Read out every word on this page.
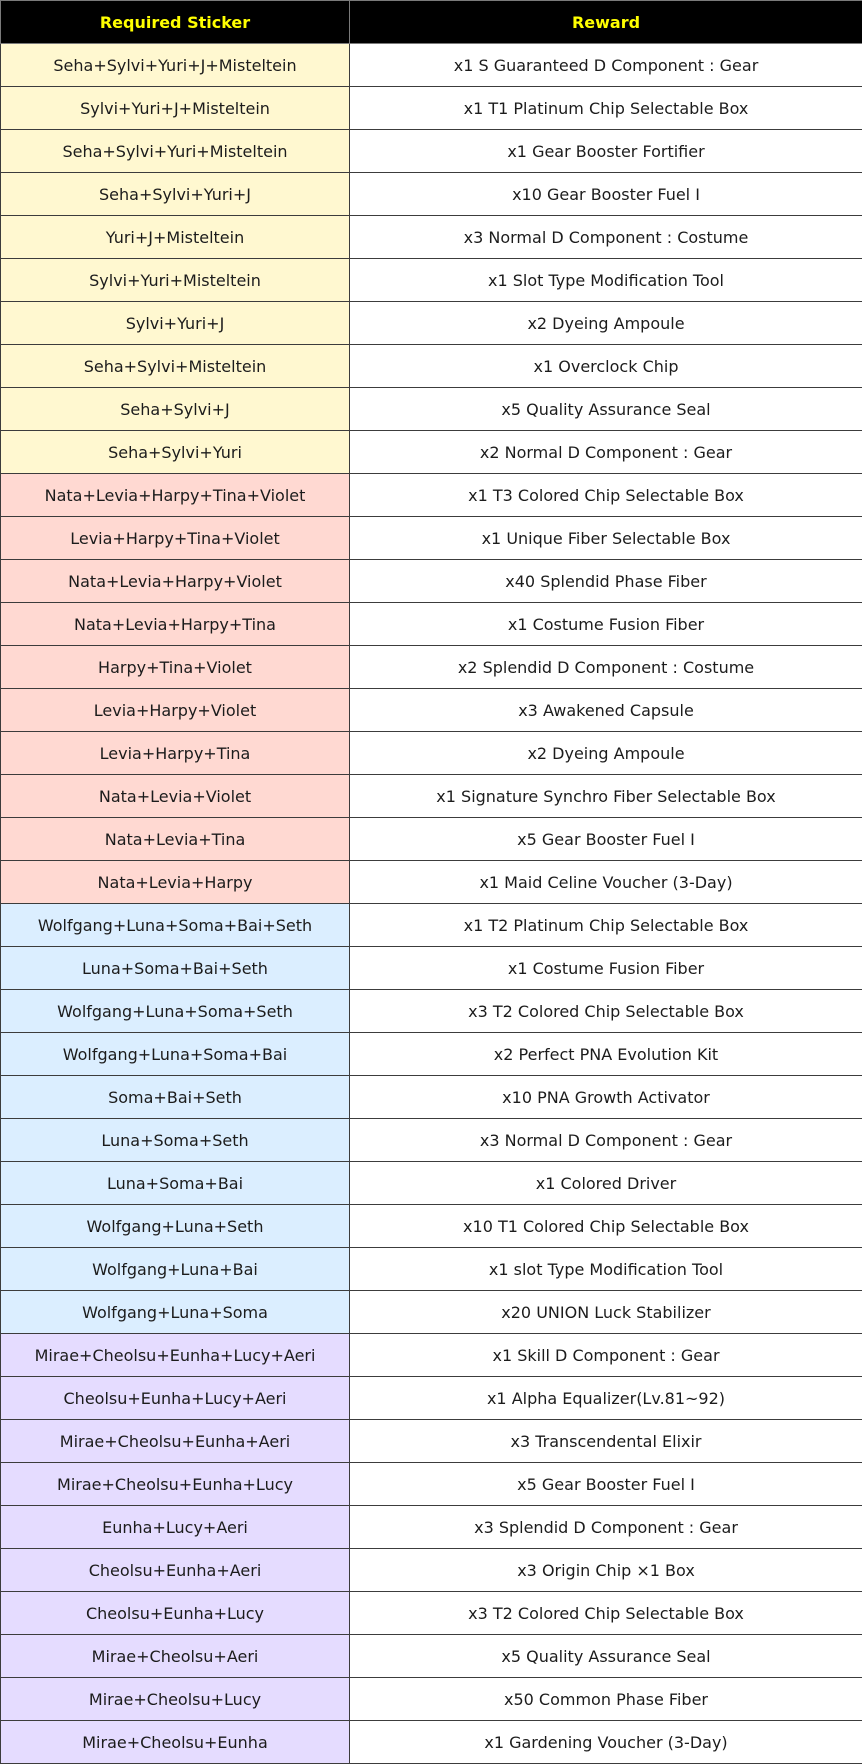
Required Sticker	Reward
Seha+Sylvi+Yuri+J+Misteltein	x1 S Guaranteed D Component : Gear
Sylvi+Yuri+J+Misteltein	x1 T1 Platinum Chip Selectable Box
Seha+Sylvi+Yuri+Misteltein	x1 Gear Booster Fortifier
Seha+Sylvi+Yuri+J	x10 Gear Booster Fuel I
Yuri+J+Misteltein	x3 Normal D Component : Costume
Sylvi+Yuri+Misteltein	x1 Slot Type Modification Tool
Sylvi+Yuri+J	x2 Dyeing Ampoule
Seha+Sylvi+Misteltein	x1 Overclock Chip
Seha+Sylvi+J	x5 Quality Assurance Seal
Seha+Sylvi+Yuri	x2 Normal D Component : Gear
Nata+Levia+Harpy+Tina+Violet	x1 T3 Colored Chip Selectable Box
Levia+Harpy+Tina+Violet	x1 Unique Fiber Selectable Box
Nata+Levia+Harpy+Violet	x40 Splendid Phase Fiber
Nata+Levia+Harpy+Tina	x1 Costume Fusion Fiber
Harpy+Tina+Violet	x2 Splendid D Component : Costume
Levia+Harpy+Violet	x3 Awakened Capsule
Levia+Harpy+Tina	x2 Dyeing Ampoule
Nata+Levia+Violet	x1 Signature Synchro Fiber Selectable Box
Nata+Levia+Tina	x5 Gear Booster Fuel I
Nata+Levia+Harpy	x1 Maid Celine Voucher (3-Day)
Wolfgang+Luna+Soma+Bai+Seth	x1 T2 Platinum Chip Selectable Box
Luna+Soma+Bai+Seth	x1 Costume Fusion Fiber
Wolfgang+Luna+Soma+Seth	x3 T2 Colored Chip Selectable Box
Wolfgang+Luna+Soma+Bai	x2 Perfect PNA Evolution Kit
Soma+Bai+Seth	x10 PNA Growth Activator
Luna+Soma+Seth	x3 Normal D Component : Gear
Luna+Soma+Bai	x1 Colored Driver
Wolfgang+Luna+Seth	x10 T1 Colored Chip Selectable Box
Wolfgang+Luna+Bai	x1 slot Type Modification Tool
Wolfgang+Luna+Soma	x20 UNION Luck Stabilizer
Mirae+Cheolsu+Eunha+Lucy+Aeri	x1 Skill D Component : Gear
Cheolsu+Eunha+Lucy+Aeri	x1 Alpha Equalizer(Lv.81~92)
Mirae+Cheolsu+Eunha+Aeri	x3 Transcendental Elixir
Mirae+Cheolsu+Eunha+Lucy	x5 Gear Booster Fuel I
Eunha+Lucy+Aeri	x3 Splendid D Component : Gear
Cheolsu+Eunha+Aeri	x3 Origin Chip ×1 Box
Cheolsu+Eunha+Lucy	x3 T2 Colored Chip Selectable Box
Mirae+Cheolsu+Aeri	x5 Quality Assurance Seal
Mirae+Cheolsu+Lucy	x50 Common Phase Fiber
Mirae+Cheolsu+Eunha	x1 Gardening Voucher (3-Day)
